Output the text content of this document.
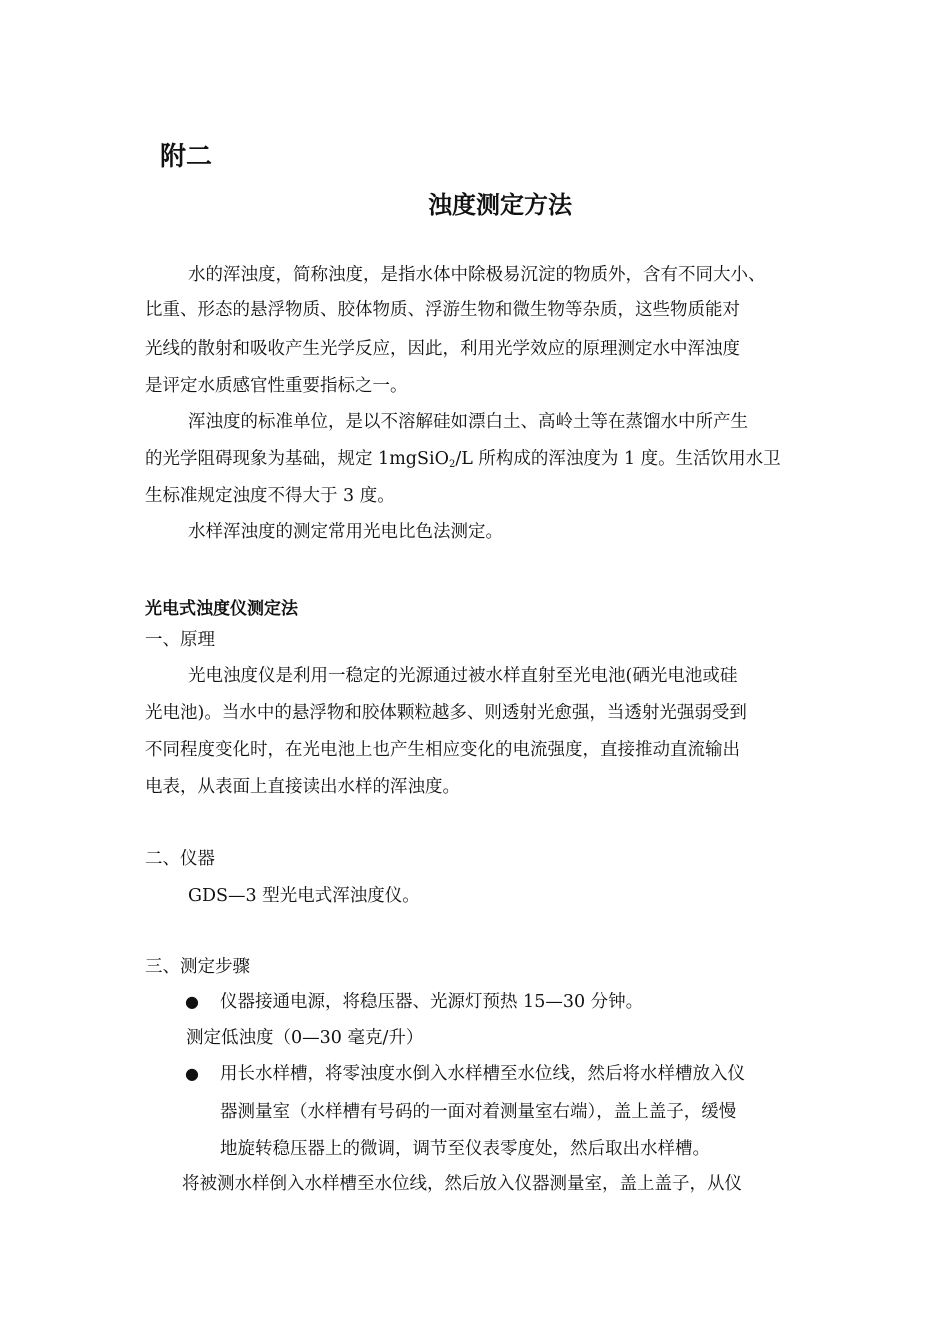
附二
浊度测定方法
水的浑浊度，简称浊度，是指水体中除极易沉淀的物质外，含有不同大小、
比重、形态的悬浮物质、胶体物质、浮游生物和微生物等杂质，这些物质能对
光线的散射和吸收产生光学反应，因此，利用光学效应的原理测定水中浑浊度
是评定水质感官性重要指标之一。
浑浊度的标准单位，是以不溶解硅如漂白土、高岭土等在蒸馏水中所产生
的光学阻碍现象为基础，规定 1mgSiO$_2$/L 所构成的浑浊度为 1 度。生活饮用水卫
生标准规定浊度不得大于 3 度。
水样浑浊度的测定常用光电比色法测定。
光电式浊度仪测定法
一、原理
光电浊度仪是利用一稳定的光源通过被水样直射至光电池(硒光电池或硅
光电池)。当水中的悬浮物和胶体颗粒越多、则透射光愈强，当透射光强弱受到
不同程度变化时，在光电池上也产生相应变化的电流强度，直接推动直流输出
电表，从表面上直接读出水样的浑浊度。
二、仪器
GDS—3 型光电式浑浊度仪。
三、测定步骤
● 仪器接通电源，将稳压器、光源灯预热 15—30 分钟。
测定低浊度（0—30 毫克/升）
● 用长水样槽，将零浊度水倒入水样槽至水位线，然后将水样槽放入仪
器测量室（水样槽有号码的一面对着测量室右端），盖上盖子，缓慢
地旋转稳压器上的微调，调节至仪表零度处，然后取出水样槽。
将被测水样倒入水样槽至水位线，然后放入仪器测量室，盖上盖子，从仪
